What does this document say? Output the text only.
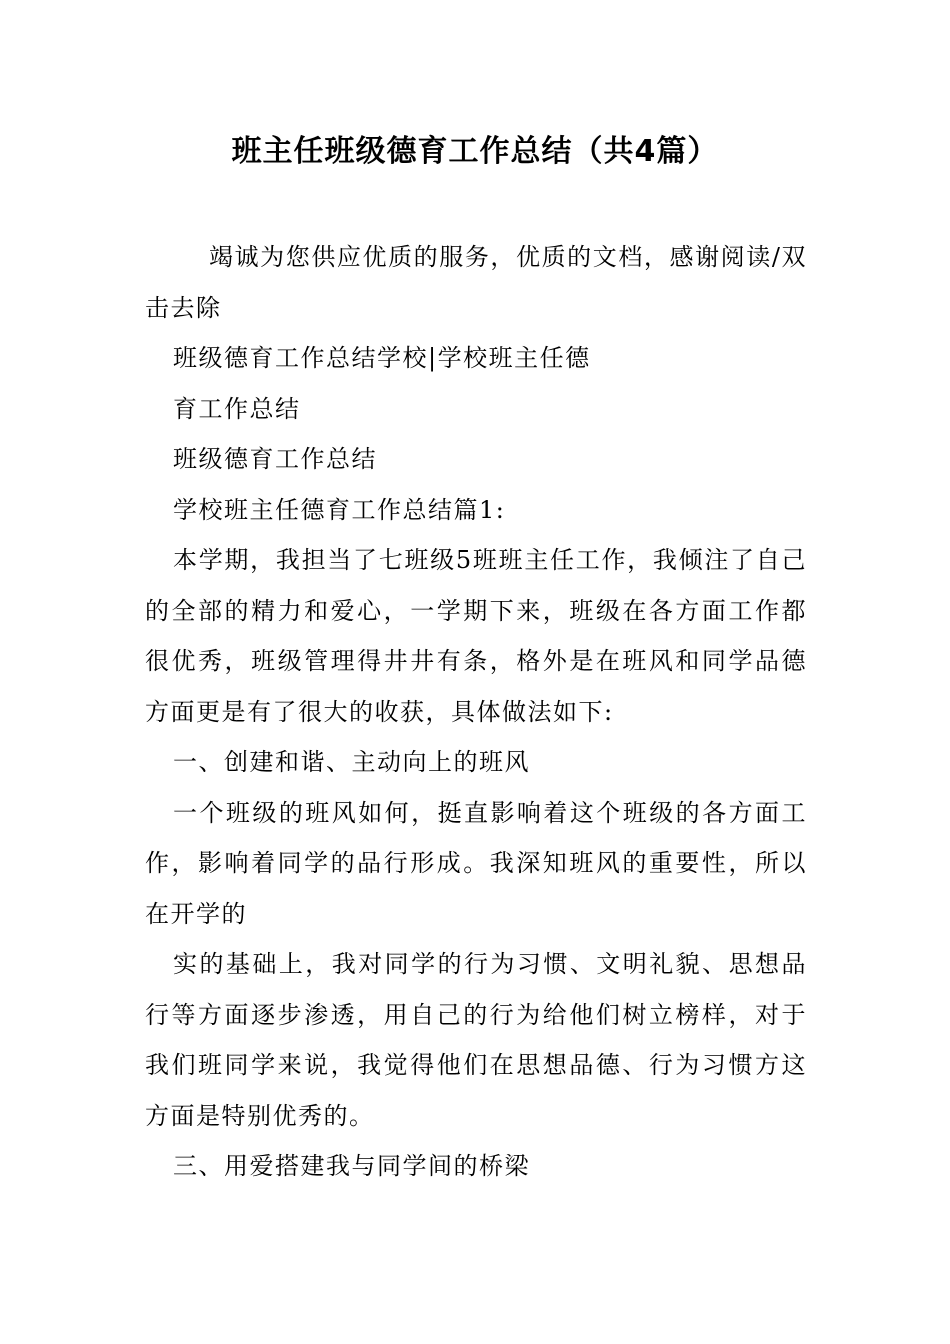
班主任班级德育工作总结（共4篇）

竭诚为您供应优质的服务，优质的文档，感谢阅读/双击去除

班级德育工作总结学校|学校班主任德

育工作总结

班级德育工作总结

学校班主任德育工作总结篇1:

本学期，我担当了七班级5班班主任工作，我倾注了自己的全部的精力和爱心，一学期下来，班级在各方面工作都很优秀，班级管理得井井有条，格外是在班风和同学品德方面更是有了很大的收获，具体做法如下:

一、创建和谐、主动向上的班风

一个班级的班风如何，挺直影响着这个班级的各方面工作，影响着同学的品行形成。我深知班风的重要性，所以在开学的

实的基础上，我对同学的行为习惯、文明礼貌、思想品行等方面逐步渗透，用自己的行为给他们树立榜样，对于我们班同学来说，我觉得他们在思想品德、行为习惯方这方面是特别优秀的。

三、用爱搭建我与同学间的桥梁
